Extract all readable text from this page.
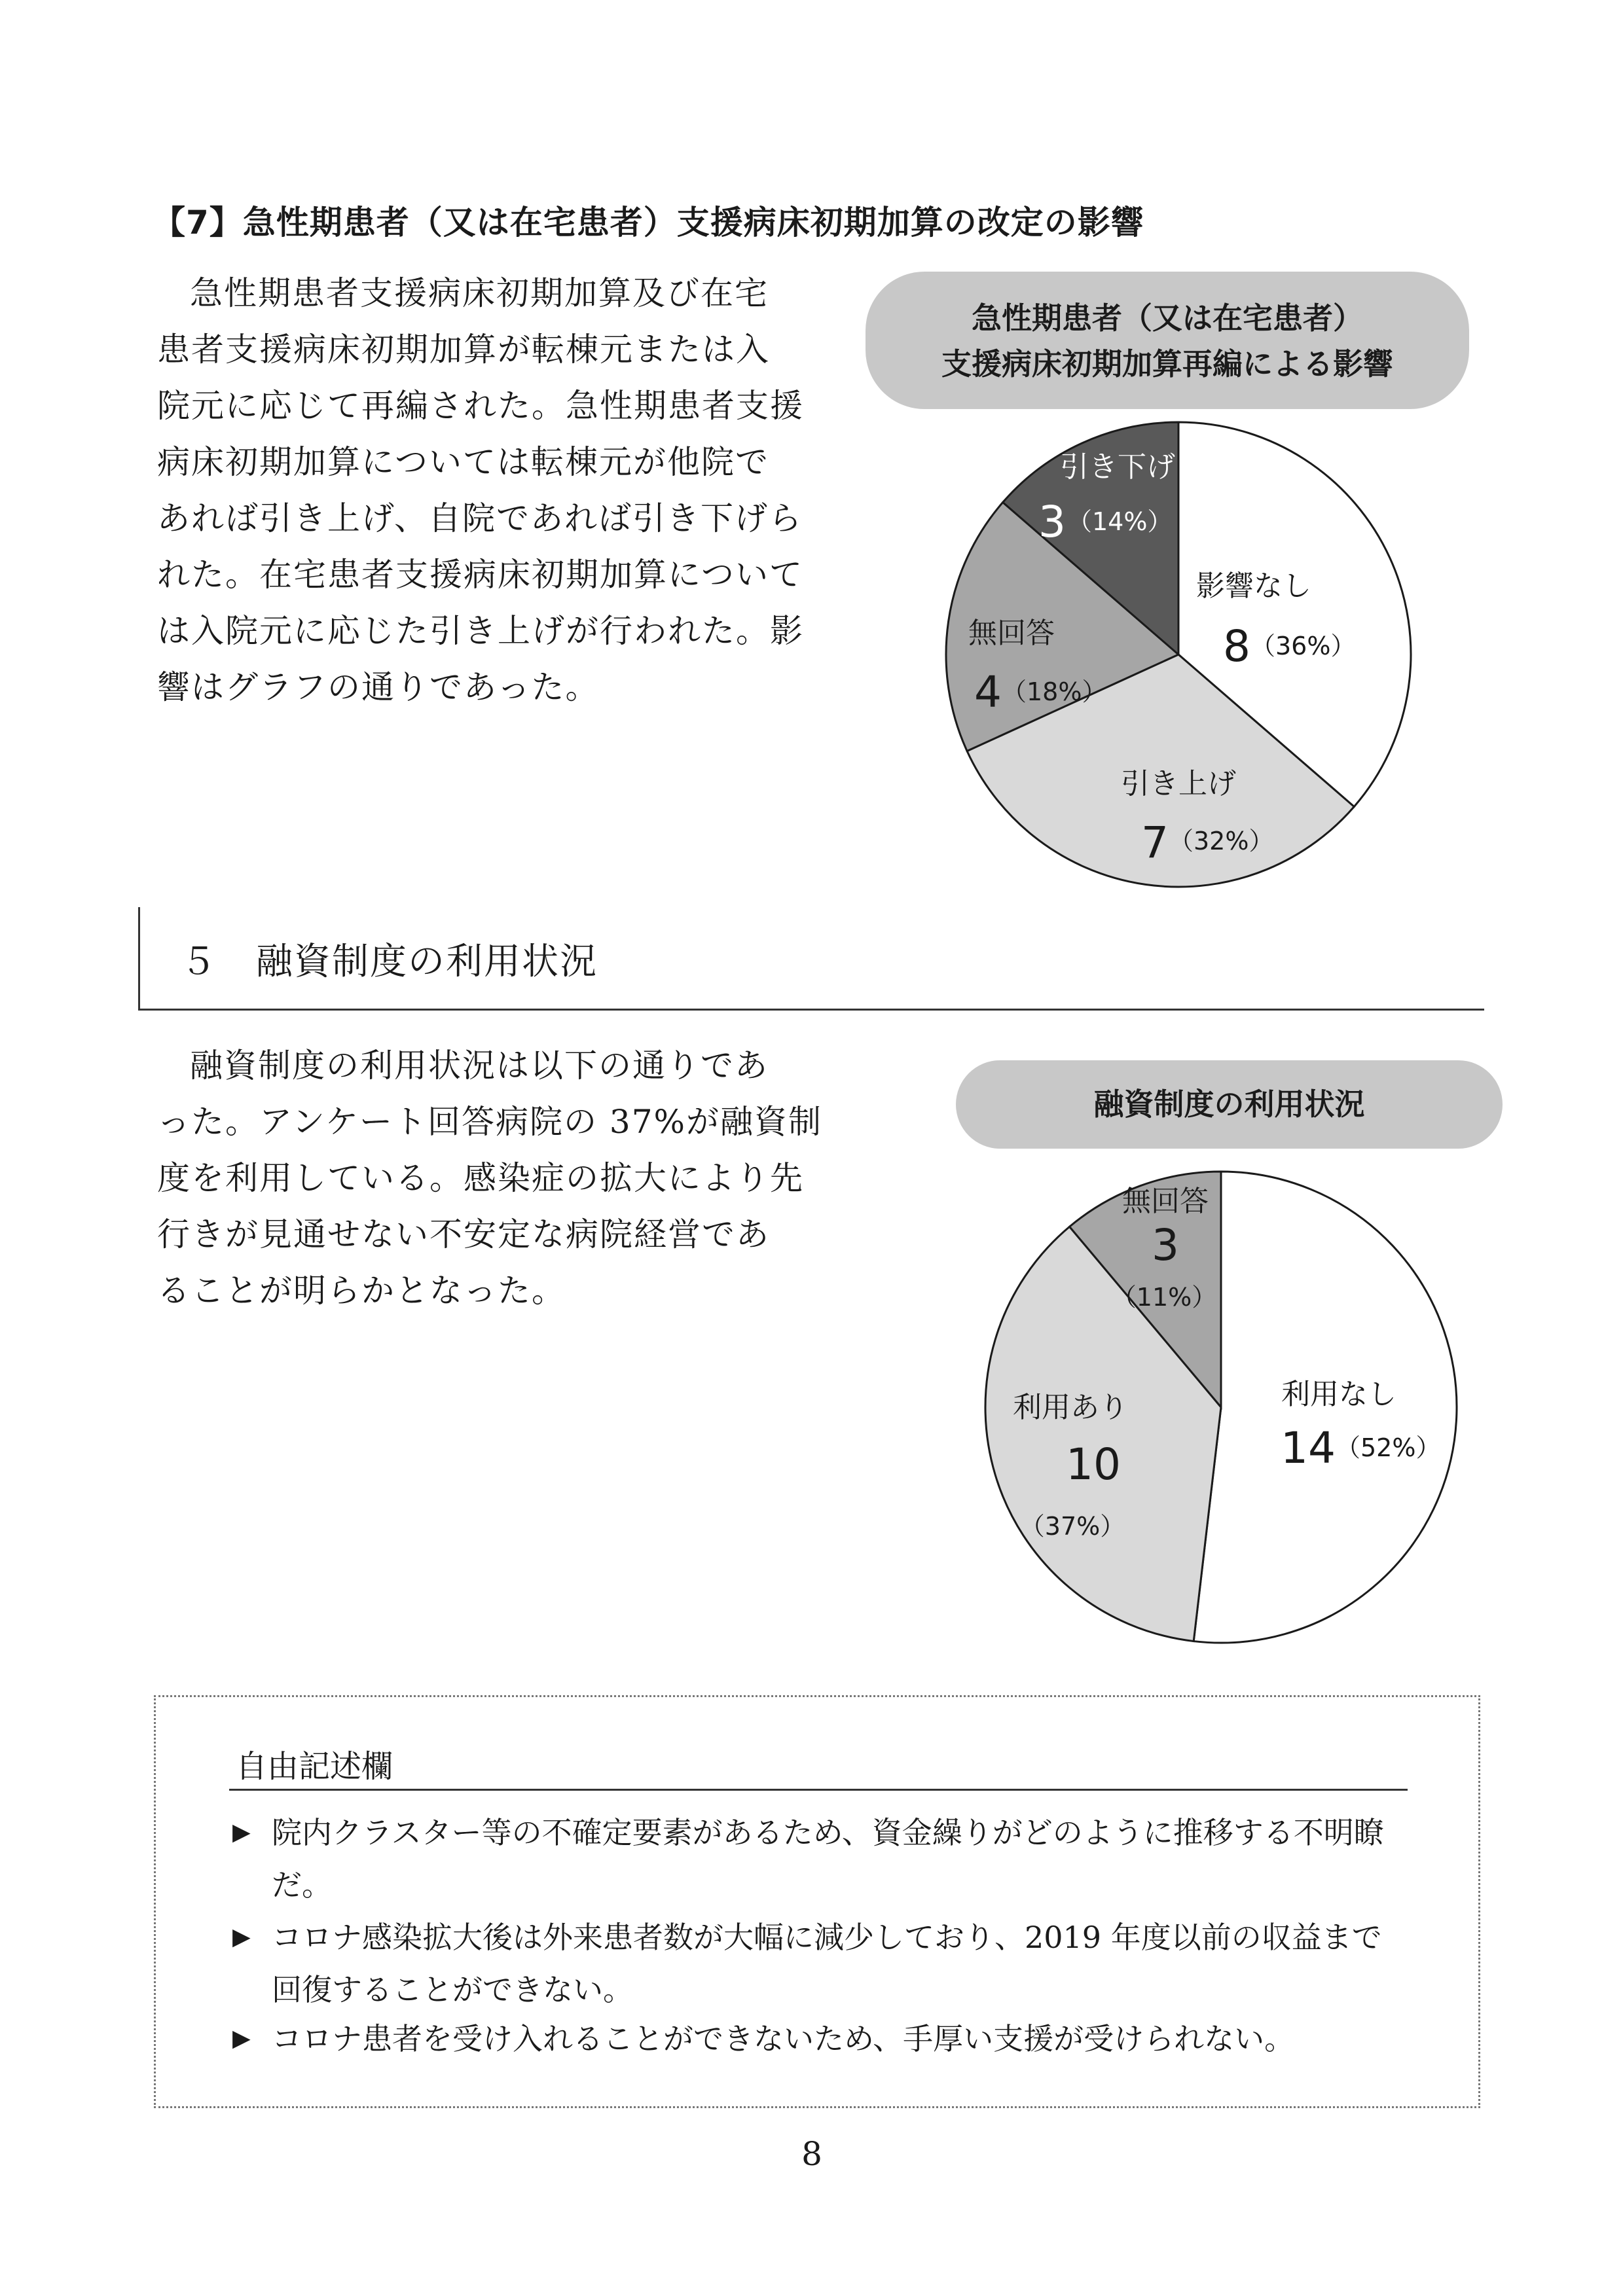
【7】急性期患者（又は在宅患者）支援病床初期加算の改定の影響
急性期患者支援病床初期加算及び在宅
患者支援病床初期加算が転棟元または入
院元に応じて再編された。急性期患者支援
病床初期加算については転棟元が他院で
あれば引き上げ、自院であれば引き下げら
れた。在宅患者支援病床初期加算について
は入院元に応じた引き上げが行われた。影
響はグラフの通りであった。
急性期患者（又は在宅患者）
支援病床初期加算再編による影響
影響なし
8 （36%）
引き上げ
7 （32%）
無回答
4 （18%）
引き下げ
3 （14%）
５　融資制度の利用状況
融資制度の利用状況は以下の通りであ
った。アンケート回答病院の 37%が融資制
度を利用している。感染症の拡大により先
行きが見通せない不安定な病院経営であ
ることが明らかとなった。
融資制度の利用状況
利用なし
14 （52%）
利用あり
10
（37%）
無回答
3
（11%）
自由記述欄
▶ 院内クラスター等の不確定要素があるため、資金繰りがどのように推移する不明瞭
だ。
▶ コロナ感染拡大後は外来患者数が大幅に減少しており、2019 年度以前の収益まで
回復することができない。
▶ コロナ患者を受け入れることができないため、手厚い支援が受けられない。
8
